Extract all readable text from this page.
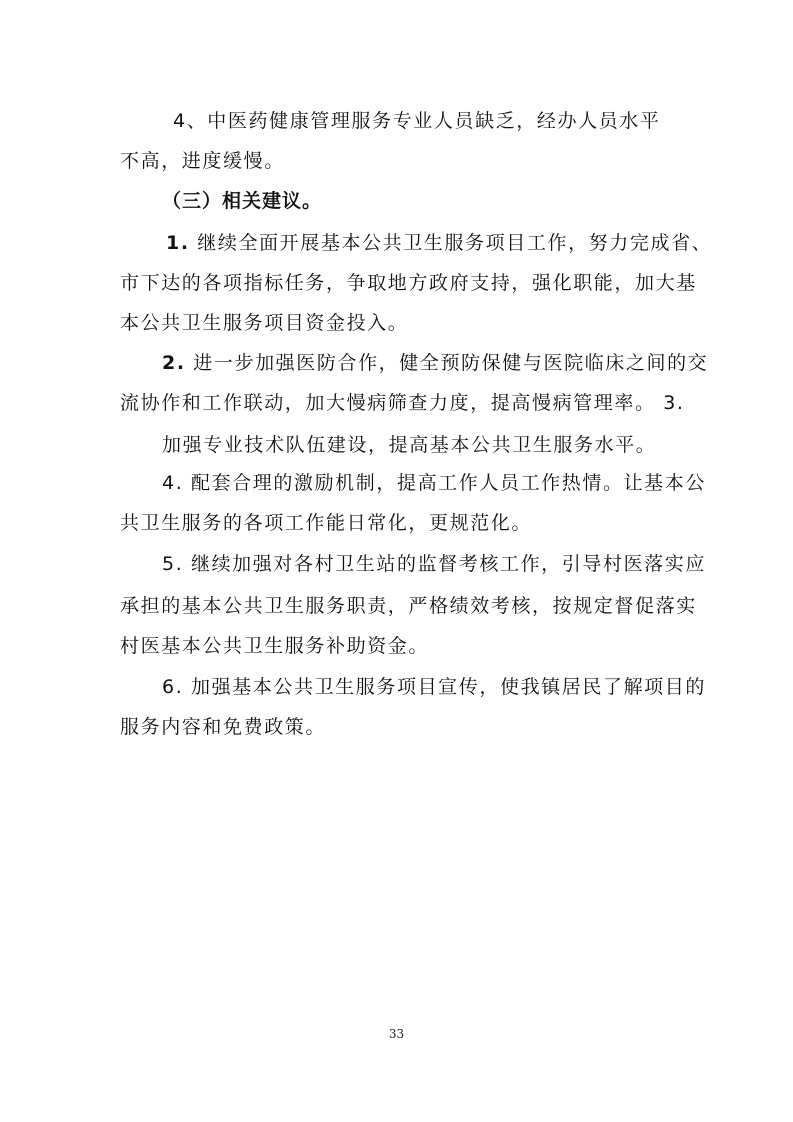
4、中医药健康管理服务专业人员缺乏，经办人员水平
不高，进度缓慢。
（三）相关建议。
1. 继续全面开展基本公共卫生服务项目工作，努力完成省、
市下达的各项指标任务，争取地方政府支持，强化职能，加大基
本公共卫生服务项目资金投入。
2. 进一步加强医防合作，健全预防保健与医院临床之间的交
流协作和工作联动，加大慢病筛查力度，提高慢病管理率。 3.
加强专业技术队伍建设，提高基本公共卫生服务水平。
4. 配套合理的激励机制，提高工作人员工作热情。让基本公
共卫生服务的各项工作能日常化，更规范化。
5. 继续加强对各村卫生站的监督考核工作，引导村医落实应
承担的基本公共卫生服务职责，严格绩效考核，按规定督促落实
村医基本公共卫生服务补助资金。
6. 加强基本公共卫生服务项目宣传，使我镇居民了解项目的
服务内容和免费政策。
33
